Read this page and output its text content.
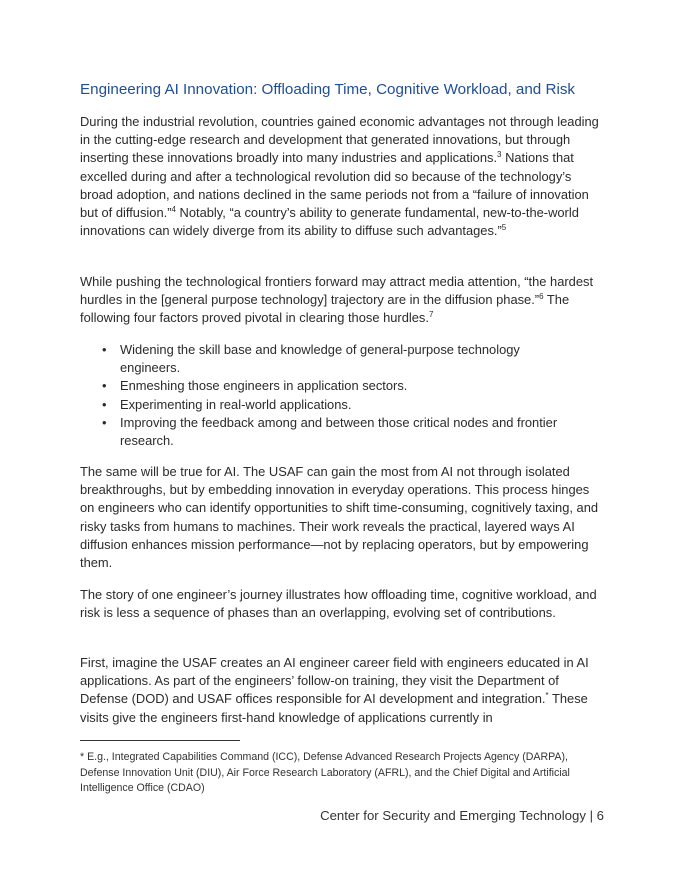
Engineering AI Innovation: Offloading Time, Cognitive Workload, and Risk

During the industrial revolution, countries gained economic advantages not through leading in the cutting-edge research and development that generated innovations, but through inserting these innovations broadly into many industries and applications.$^3$ Nations that excelled during and after a technological revolution did so because of the technology’s broad adoption, and nations declined in the same periods not from a “failure of innovation but of diffusion.”$^4$ Notably, “a country’s ability to generate fundamental, new-to-the-world innovations can widely diverge from its ability to diffuse such advantages.”$^5$

While pushing the technological frontiers forward may attract media attention, “the hardest hurdles in the [general purpose technology] trajectory are in the diffusion phase.”$^6$ The following four factors proved pivotal in clearing those hurdles.$^7$

• Widening the skill base and knowledge of general-purpose technology engineers.
• Enmeshing those engineers in application sectors.
• Experimenting in real-world applications.
• Improving the feedback among and between those critical nodes and frontier research.

The same will be true for AI. The USAF can gain the most from AI not through isolated breakthroughs, but by embedding innovation in everyday operations. This process hinges on engineers who can identify opportunities to shift time-consuming, cognitively taxing, and risky tasks from humans to machines. Their work reveals the practical, layered ways AI diffusion enhances mission performance—not by replacing operators, but by empowering them.

The story of one engineer’s journey illustrates how offloading time, cognitive workload, and risk is less a sequence of phases than an overlapping, evolving set of contributions.

First, imagine the USAF creates an AI engineer career field with engineers educated in AI applications. As part of the engineers’ follow-on training, they visit the Department of Defense (DOD) and USAF offices responsible for AI development and integration.* These visits give the engineers first-hand knowledge of applications currently in

* E.g., Integrated Capabilities Command (ICC), Defense Advanced Research Projects Agency (DARPA), Defense Innovation Unit (DIU), Air Force Research Laboratory (AFRL), and the Chief Digital and Artificial Intelligence Office (CDAO)

Center for Security and Emerging Technology | 6
